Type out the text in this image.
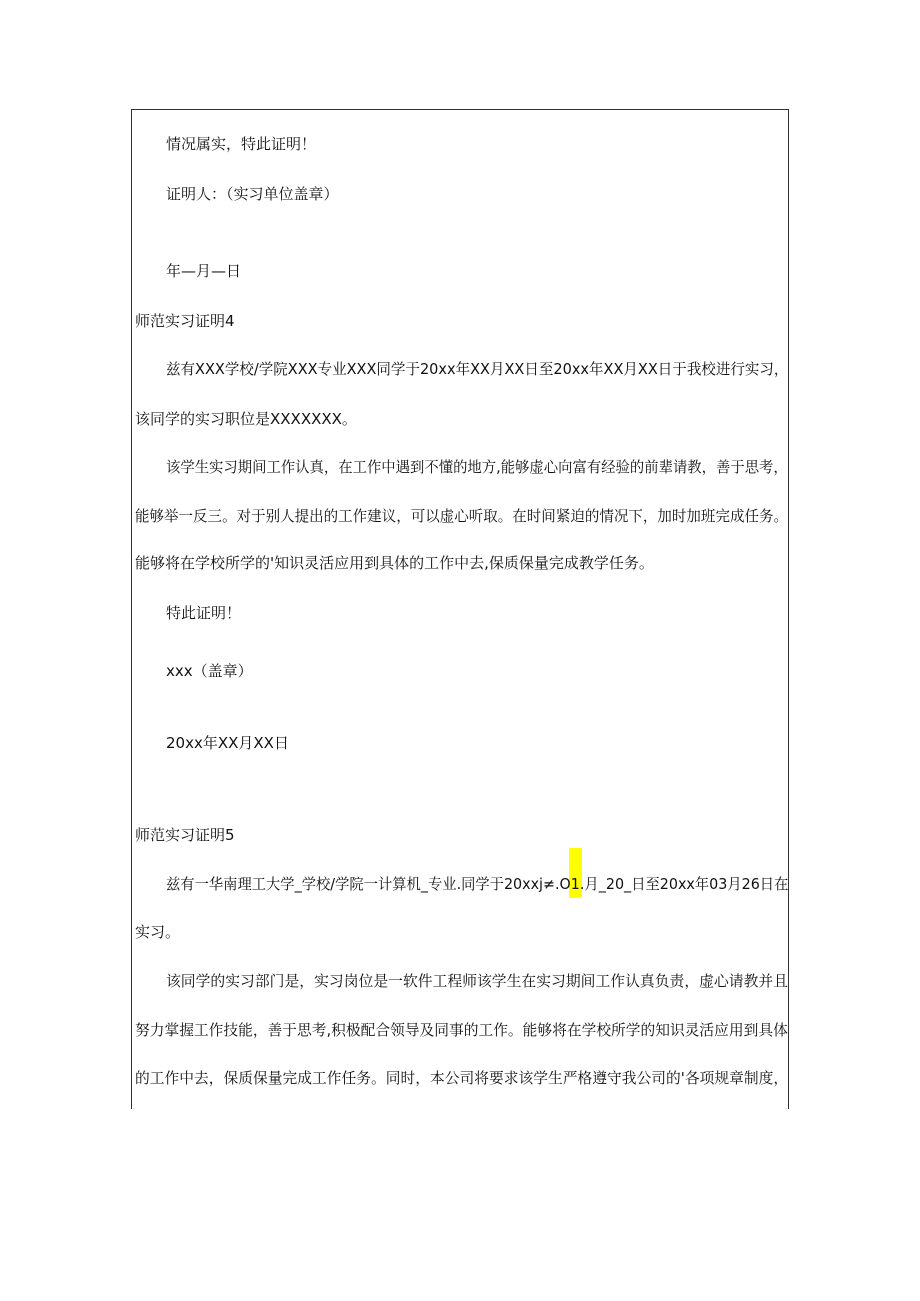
情况属实，特此证明！
证明人：（实习单位盖章）
年—月—日
师范实习证明4
兹有XXX学校/学院XXX专业XXX同学于20xx年XX月XX日至20xx年XX月XX日于我校进行实习，
该同学的实习职位是XXXXXXX。
该学生实习期间工作认真，在工作中遇到不懂的地方,能够虚心向富有经验的前辈请教，善于思考，
能够举一反三。对于别人提出的工作建议，可以虚心听取。在时间紧迫的情况下，加时加班完成任务。
能够将在学校所学的'知识灵活应用到具体的工作中去,保质保量完成教学任务。
特此证明！
xxx（盖章）
20xx年XX月XX日
师范实习证明5
兹有一华南理工大学_学校/学院一计算机_专业.同学于20xxj≠.O1.月_20_日至20xx年03月26日在
实习。
该同学的实习部门是，实习岗位是一软件工程师该学生在实习期间工作认真负责，虚心请教并且
努力掌握工作技能，善于思考,积极配合领导及同事的工作。能够将在学校所学的知识灵活应用到具体
的工作中去，保质保量完成工作任务。同时，本公司将要求该学生严格遵守我公司的'各项规章制度，
